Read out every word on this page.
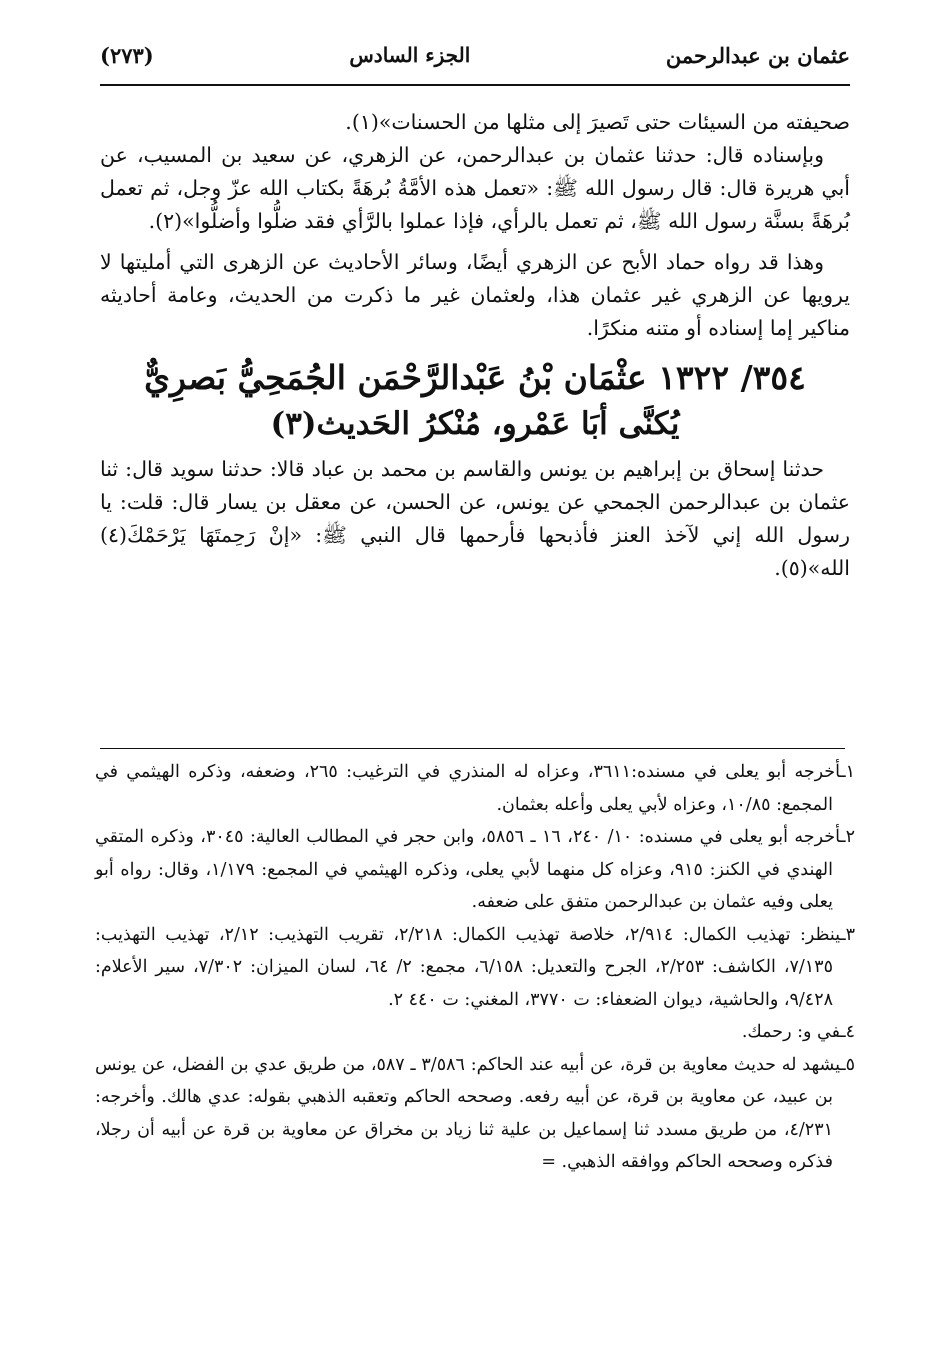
عثمان بن عبدالرحمن
الجزء السادس
(٢٧٣)

صحيفته من السيئات حتى تَصيرَ إلى مثلها من الحسنات»(١).

وبإسناده قال: حدثنا عثمان بن عبدالرحمن، عن الزهري، عن سعيد بن المسيب، عن أبي هريرة قال: قال رسول الله ﷺ: «تعمل هذه الأمَّةُ بُرهَةً بكتاب الله عزّ وجل، ثم تعمل بُرهَةً بسنَّة رسول الله ﷺ، ثم تعمل بالرأي، فإذا عملوا بالرَّأي فقد ضلُّوا وأضلُّوا»(٢).

وهذا قد رواه حماد الأبح عن الزهري أيضًا، وسائر الأحاديث عن الزهرى التي أمليتها لا يرويها عن الزهري غير عثمان هذا، ولعثمان غير ما ذكرت من الحديث، وعامة أحاديثه مناكير إما إسناده أو متنه منكرًا.

٣٥٤/ ١٣٢٢ عثْمَان بْنُ عَبْدالرَّحْمَن الجُمَحِيُّ بَصرِيٌّ
يُكنَّى أبَا عَمْرو، مُنْكرُ الحَديث(٣)

حدثنا إسحاق بن إبراهيم بن يونس والقاسم بن محمد بن عباد قالا: حدثنا سويد قال: ثنا عثمان بن عبدالرحمن الجمحي عن يونس، عن الحسن، عن معقل بن يسار قال: قلت: يا رسول الله إني لآخذ العنز فأذبحها فأرحمها قال النبي ﷺ: «إنْ رَحِمتَهَا يَرْحَمْكَ(٤) الله»(٥).

١ـأخرجه أبو يعلى في مسنده:٣٦١١، وعزاه له المنذري في الترغيب: ٢٦٥، وضعفه، وذكره الهيثمي في المجمع: ١٠/٨٥، وعزاه لأبي يعلى وأعله بعثمان.

٢ـأخرجه أبو يعلى في مسنده: ١٠/ ٢٤٠، ١٦ ـ ٥٨٥٦، وابن حجر في المطالب العالية: ٣٠٤٥، وذكره المتقي الهندي في الكنز: ٩١٥، وعزاه كل منهما لأبي يعلى، وذكره الهيثمي في المجمع: ١/١٧٩، وقال: رواه أبو يعلى وفيه عثمان بن عبدالرحمن متفق على ضعفه.

٣ـينظر: تهذيب الكمال: ٢/٩١٤، خلاصة تهذيب الكمال: ٢/٢١٨، تقريب التهذيب: ٢/١٢، تهذيب التهذيب: ٧/١٣٥، الكاشف: ٢/٢٥٣، الجرح والتعديل: ٦/١٥٨، مجمع: ٢/ ٦٤، لسان الميزان: ٧/٣٠٢، سير الأعلام: ٩/٤٢٨، والحاشية، ديوان الضعفاء: ت ٣٧٧٠، المغني: ت ٤٤٠ ٢.

٤ـفي و: رحمك.

٥ـيشهد له حديث معاوية بن قرة، عن أبيه عند الحاكم: ٣/٥٨٦ ـ ٥٨٧، من طريق عدي بن الفضل، عن يونس بن عبيد، عن معاوية بن قرة، عن أبيه رفعه. وصححه الحاكم وتعقبه الذهبي بقوله: عدي هالك. وأخرجه: ٤/٢٣١، من طريق مسدد ثنا إسماعيل بن علية ثنا زياد بن مخراق عن معاوية بن قرة عن أبيه أن رجلا، فذكره وصححه الحاكم ووافقه الذهبي. =
